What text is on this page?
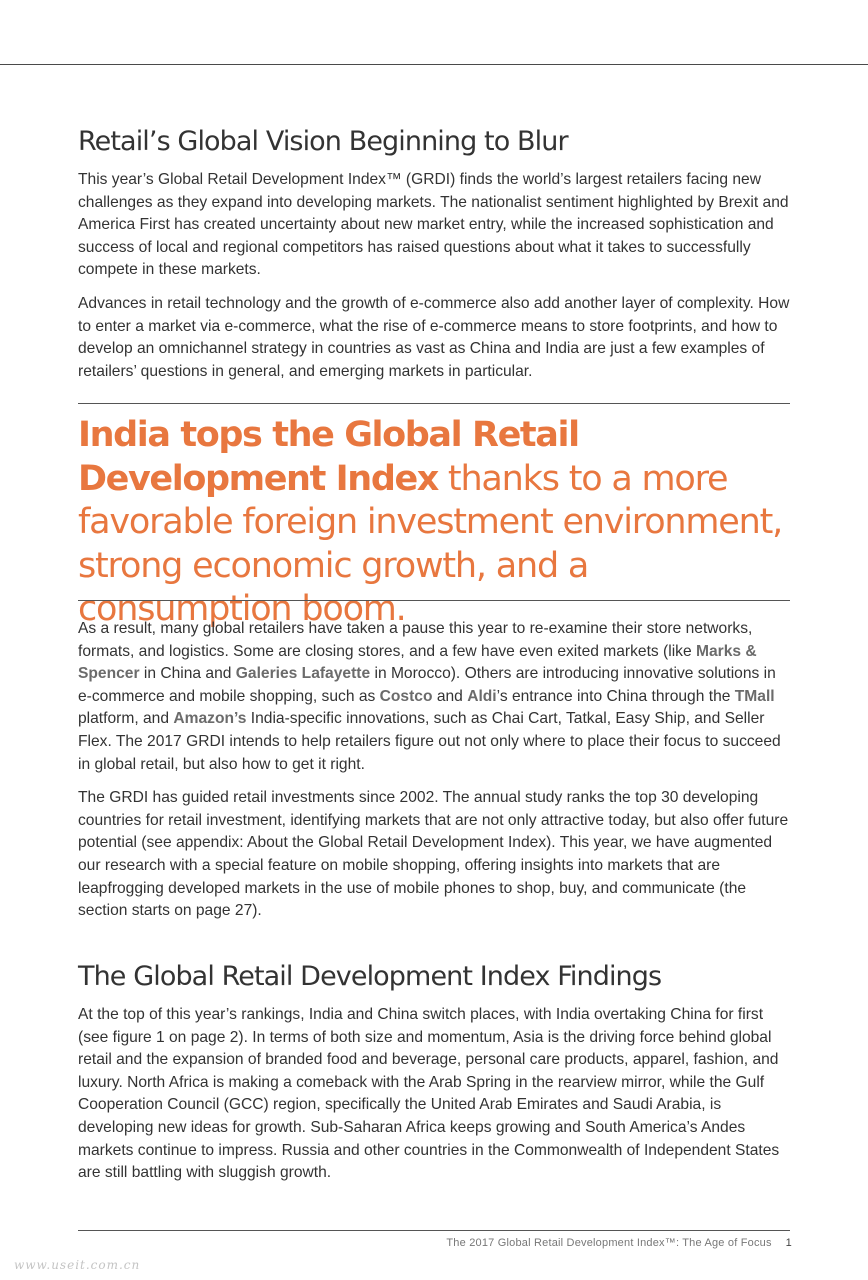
Retail’s Global Vision Beginning to Blur

This year’s Global Retail Development Index™ (GRDI) finds the world’s largest retailers facing new challenges as they expand into developing markets. The nationalist sentiment highlighted by Brexit and America First has created uncertainty about new market entry, while the increased sophistication and success of local and regional competitors has raised questions about what it takes to successfully compete in these markets.

Advances in retail technology and the growth of e-commerce also add another layer of complexity. How to enter a market via e-commerce, what the rise of e-commerce means to store footprints, and how to develop an omnichannel strategy in countries as vast as China and India are just a few examples of retailers’ questions in general, and emerging markets in particular.

India tops the Global Retail Development Index thanks to a more favorable foreign investment environment, strong economic growth, and a consumption boom.

As a result, many global retailers have taken a pause this year to re-examine their store networks, formats, and logistics. Some are closing stores, and a few have even exited markets (like Marks & Spencer in China and Galeries Lafayette in Morocco). Others are introducing innovative solutions in e-commerce and mobile shopping, such as Costco and Aldi’s entrance into China through the TMall platform, and Amazon’s India-specific innovations, such as Chai Cart, Tatkal, Easy Ship, and Seller Flex. The 2017 GRDI intends to help retailers figure out not only where to place their focus to succeed in global retail, but also how to get it right.

The GRDI has guided retail investments since 2002. The annual study ranks the top 30 developing countries for retail investment, identifying markets that are not only attractive today, but also offer future potential (see appendix: About the Global Retail Development Index). This year, we have augmented our research with a special feature on mobile shopping, offering insights into markets that are leapfrogging developed markets in the use of mobile phones to shop, buy, and communicate (the section starts on page 27).

The Global Retail Development Index Findings

At the top of this year’s rankings, India and China switch places, with India overtaking China for first (see figure 1 on page 2). In terms of both size and momentum, Asia is the driving force behind global retail and the expansion of branded food and beverage, personal care products, apparel, fashion, and luxury. North Africa is making a comeback with the Arab Spring in the rearview mirror, while the Gulf Cooperation Council (GCC) region, specifically the United Arab Emirates and Saudi Arabia, is developing new ideas for growth. Sub-Saharan Africa keeps growing and South America’s Andes markets continue to impress. Russia and other countries in the Commonwealth of Independent States are still battling with sluggish growth.

The 2017 Global Retail Development Index™: The Age of Focus 1
www.useit.com.cn
